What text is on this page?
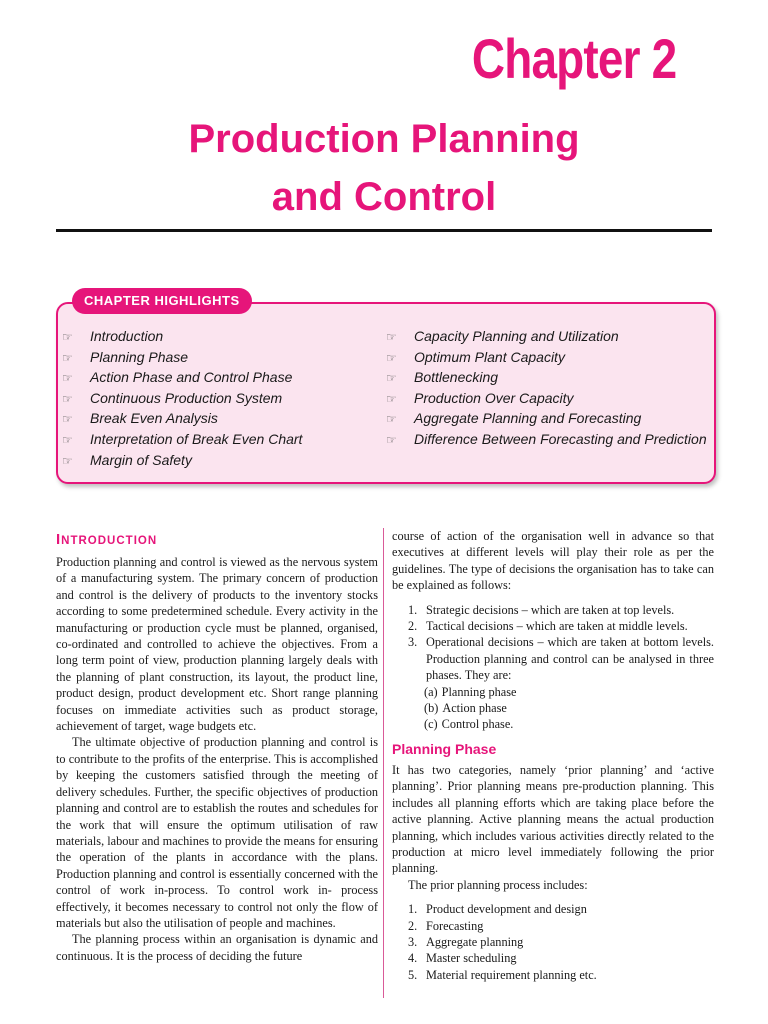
Chapter 2
Production Planning
and Control
CHAPTER HIGHLIGHTS
☞ Introduction
☞ Planning Phase
☞ Action Phase and Control Phase
☞ Continuous Production System
☞ Break Even Analysis
☞ Interpretation of Break Even Chart
☞ Margin of Safety
☞ Capacity Planning and Utilization
☞ Optimum Plant Capacity
☞ Bottlenecking
☞ Production Over Capacity
☞ Aggregate Planning and Forecasting
☞ Difference Between Forecasting and Prediction
INTRODUCTION

Production planning and control is viewed as the nervous system of a manufacturing system. The primary concern of production and control is the delivery of products to the inventory stocks according to some predetermined schedule. Every activity in the manufacturing or production cycle must be planned, organised, co-ordinated and controlled to achieve the objectives. From a long term point of view, production planning largely deals with the planning of plant construction, its layout, the product line, product design, product development etc. Short range planning focuses on immediate activities such as product storage, achievement of target, wage budgets etc.

The ultimate objective of production planning and control is to contribute to the profits of the enterprise. This is accomplished by keeping the customers satisfied through the meeting of delivery schedules. Further, the specific objectives of production planning and control are to establish the routes and schedules for the work that will ensure the optimum utilisation of raw materials, labour and machines to provide the means for ensuring the operation of the plants in accordance with the plans. Production planning and control is essentially concerned with the control of work in-process. To control work in- process effectively, it becomes necessary to control not only the flow of materials but also the utilisation of people and machines.

The planning process within an organisation is dynamic and continuous. It is the process of deciding the future

course of action of the organisation well in advance so that executives at different levels will play their role as per the guidelines. The type of decisions the organisation has to take can be explained as follows:

1. Strategic decisions – which are taken at top levels.
2. Tactical decisions – which are taken at middle levels.
3. Operational decisions – which are taken at bottom levels. Production planning and control can be analysed in three phases. They are:
(a) Planning phase
(b) Action phase
(c) Control phase.
Planning Phase

It has two categories, namely ‘prior planning’ and ‘active planning’. Prior planning means pre-production planning. This includes all planning efforts which are taking place before the active planning. Active planning means the actual production planning, which includes various activities directly related to the production at micro level immediately following the prior planning.

The prior planning process includes:

1. Product development and design
2. Forecasting
3. Aggregate planning
4. Master scheduling
5. Material requirement planning etc.
